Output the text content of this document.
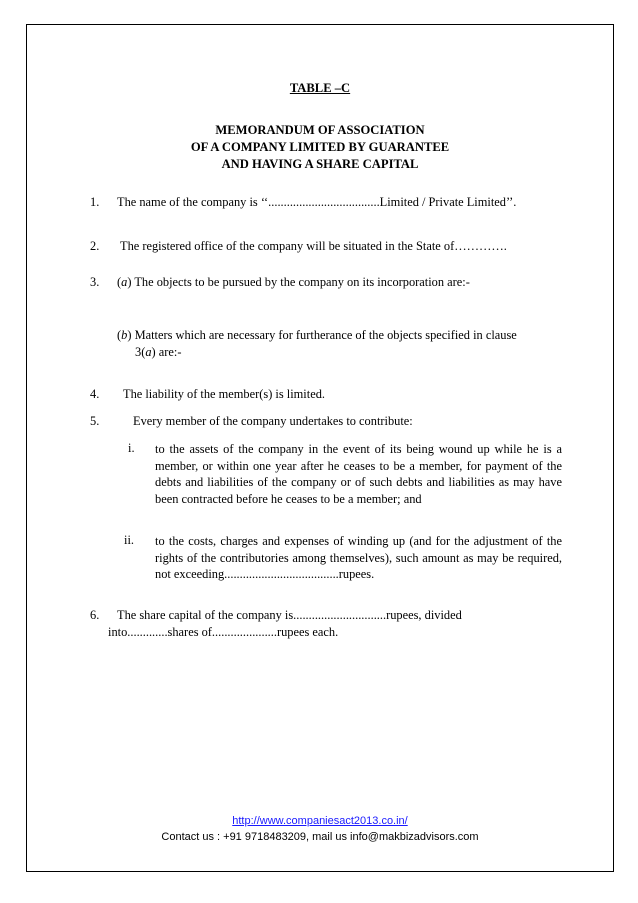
TABLE –C
MEMORANDUM OF ASSOCIATION
OF A COMPANY LIMITED BY GUARANTEE
AND HAVING A SHARE CAPITAL
1. The name of the company is ‘‘....................................Limited / Private Limited’’.
2. The registered office of the company will be situated in the State of………….
3. (a) The objects to be pursued by the company on its incorporation are:-
(b) Matters which are necessary for furtherance of the objects specified in clause
3(a) are:-
4. The liability of the member(s) is limited.
5.	Every member of the company undertakes to contribute:
i. to the assets of the company in the event of its being wound up while he is a member, or within one year after he ceases to be a member, for payment of the debts and liabilities of the company or of such debts and liabilities as may have been contracted before he ceases to be a member; and
ii. to the costs, charges and expenses of winding up (and for the adjustment of the rights of the contributories among themselves), such amount as may be required, not exceeding.....................................rupees.
6. The share capital of the company is..............................rupees, divided
into.............shares of.....................rupees each.
http://www.companiesact2013.co.in/
Contact us : +91 9718483209, mail us info@makbizadvisors.com
